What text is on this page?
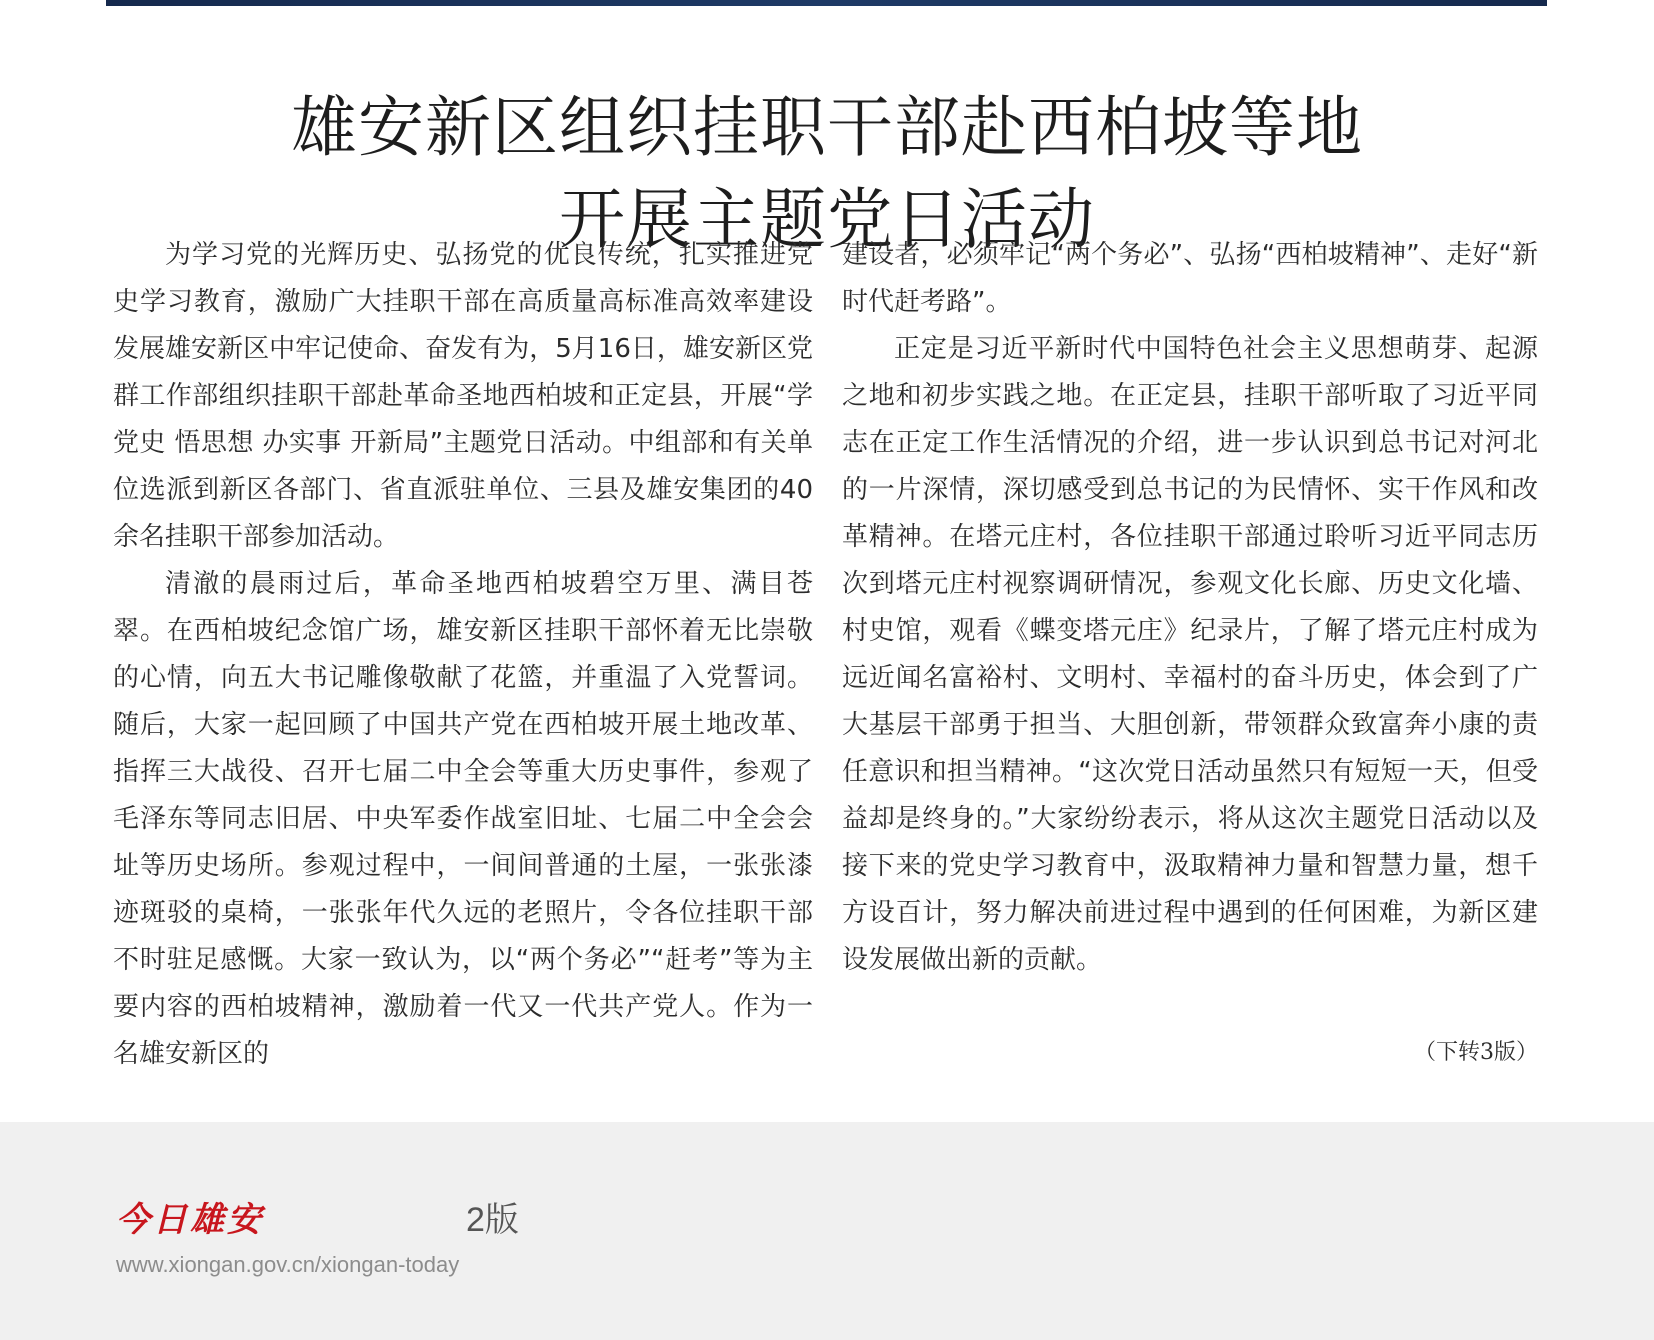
雄安新区组织挂职干部赴西柏坡等地
开展主题党日活动

为学习党的光辉历史、弘扬党的优良传统，扎实推进党史学习教育，激励广大挂职干部在高质量高标准高效率建设发展雄安新区中牢记使命、奋发有为，5月16日，雄安新区党群工作部组织挂职干部赴革命圣地西柏坡和正定县，开展“学党史 悟思想 办实事 开新局”主题党日活动。中组部和有关单位选派到新区各部门、省直派驻单位、三县及雄安集团的40余名挂职干部参加活动。

清澈的晨雨过后，革命圣地西柏坡碧空万里、满目苍翠。在西柏坡纪念馆广场，雄安新区挂职干部怀着无比崇敬的心情，向五大书记雕像敬献了花篮，并重温了入党誓词。随后，大家一起回顾了中国共产党在西柏坡开展土地改革、指挥三大战役、召开七届二中全会等重大历史事件，参观了毛泽东等同志旧居、中央军委作战室旧址、七届二中全会会址等历史场所。参观过程中，一间间普通的土屋，一张张漆迹斑驳的桌椅，一张张年代久远的老照片，令各位挂职干部不时驻足感慨。大家一致认为，以“两个务必”“赶考”等为主要内容的西柏坡精神，激励着一代又一代共产党人。作为一名雄安新区的

建设者，必须牢记“两个务必”、弘扬“西柏坡精神”、走好“新时代赶考路”。

正定是习近平新时代中国特色社会主义思想萌芽、起源之地和初步实践之地。在正定县，挂职干部听取了习近平同志在正定工作生活情况的介绍，进一步认识到总书记对河北的一片深情，深切感受到总书记的为民情怀、实干作风和改革精神。在塔元庄村，各位挂职干部通过聆听习近平同志历次到塔元庄村视察调研情况，参观文化长廊、历史文化墙、村史馆，观看《蝶变塔元庄》纪录片，了解了塔元庄村成为远近闻名富裕村、文明村、幸福村的奋斗历史，体会到了广大基层干部勇于担当、大胆创新，带领群众致富奔小康的责任意识和担当精神。“这次党日活动虽然只有短短一天，但受益却是终身的。”大家纷纷表示，将从这次主题党日活动以及接下来的党史学习教育中，汲取精神力量和智慧力量，想千方设百计，努力解决前进过程中遇到的任何困难，为新区建设发展做出新的贡献。

（下转3版）
今日雄安	2版
www.xiongan.gov.cn/xiongan-today
